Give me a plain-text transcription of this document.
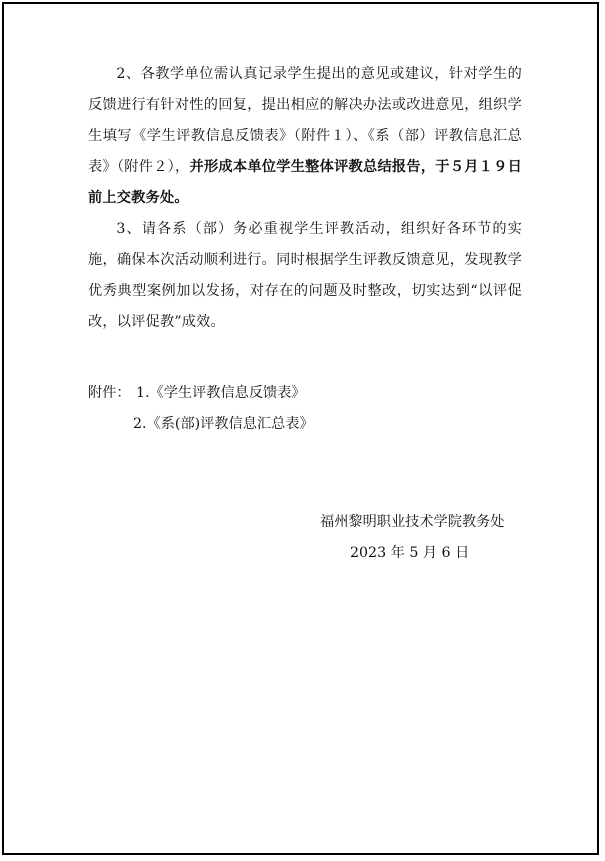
2、各教学单位需认真记录学生提出的意见或建议，针对学生的反馈进行有针对性的回复，提出相应的解决办法或改进意见，组织学生填写《学生评教信息反馈表》（附件１）、《系（部）评教信息汇总表》（附件２），并形成本单位学生整体评教总结报告，于５月１９日前上交教务处。

3、请各系（部）务必重视学生评教活动，组织好各环节的实施，确保本次活动顺利进行。同时根据学生评教反馈意见，发现教学优秀典型案例加以发扬，对存在的问题及时整改，切实达到“以评促改，以评促教”成效。

附件： 1.《学生评教信息反馈表》
2.《系(部)评教信息汇总表》
福州黎明职业技术学院教务处
2023 年 5 月 6 日
